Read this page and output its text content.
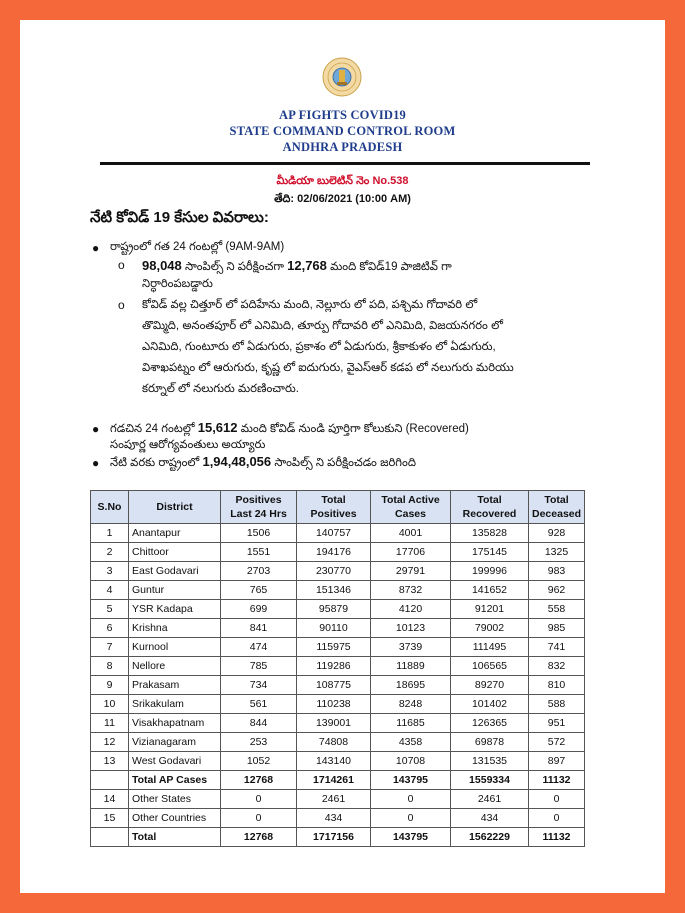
AP FIGHTS COVID19
STATE COMMAND CONTROL ROOM
ANDHRA PRADESH
మీడియా బులెటిన్ నెం No.538
తేది: 02/06/2021 (10:00 AM)
నేటి కోవిడ్ 19 కేసుల వివరాలు:
● రాష్ట్రంలో గత 24 గంటల్లో (9AM-9AM)
o 98,048 సాంపిల్స్ ని పరీక్షించగా 12,768 మంది కోవిడ్19 పాజిటివ్ గా
నిర్ధారింపబడ్డారు
o కోవిడ్ వల్ల చిత్తూర్ లో పదిహేను మంది, నెల్లూరు లో పది, పశ్చిమ గోదావరి లో
తొమ్మిది, అనంతపూర్ లో ఎనిమిది, తూర్పు గోదావరి లో ఎనిమిది, విజయనగరం లో
ఎనిమిది, గుంటూరు లో ఏడుగురు, ప్రకాశం లో ఏడుగురు, శ్రీకాకుళం లో ఏడుగురు,
విశాఖపట్నం లో ఆరుగురు, కృష్ణ లో ఐదుగురు, వైఎస్ఆర్ కడప లో నలుగురు మరియు
కర్నూల్ లో నలుగురు మరణించారు.
● గడచిన 24 గంటల్లో 15,612 మంది కోవిడ్ నుండి పూర్తిగా కోలుకుని (Recovered)
సంపూర్ణ ఆరోగ్యవంతులు అయ్యారు
● నేటి వరకు రాష్ట్రంలో 1,94,48,056 సాంపిల్స్ ని పరీక్షించడం జరిగింది
S.No	District	Positives Last 24 Hrs	Total Positives	Total Active Cases	Total Recovered	Total Deceased
1	Anantapur	1506	140757	4001	135828	928
2	Chittoor	1551	194176	17706	175145	1325
3	East Godavari	2703	230770	29791	199996	983
4	Guntur	765	151346	8732	141652	962
5	YSR Kadapa	699	95879	4120	91201	558
6	Krishna	841	90110	10123	79002	985
7	Kurnool	474	115975	3739	111495	741
8	Nellore	785	119286	11889	106565	832
9	Prakasam	734	108775	18695	89270	810
10	Srikakulam	561	110238	8248	101402	588
11	Visakhapatnam	844	139001	11685	126365	951
12	Vizianagaram	253	74808	4358	69878	572
13	West Godavari	1052	143140	10708	131535	897
	Total AP Cases	12768	1714261	143795	1559334	11132
14	Other States	0	2461	0	2461	0
15	Other Countries	0	434	0	434	0
	Total	12768	1717156	143795	1562229	11132
